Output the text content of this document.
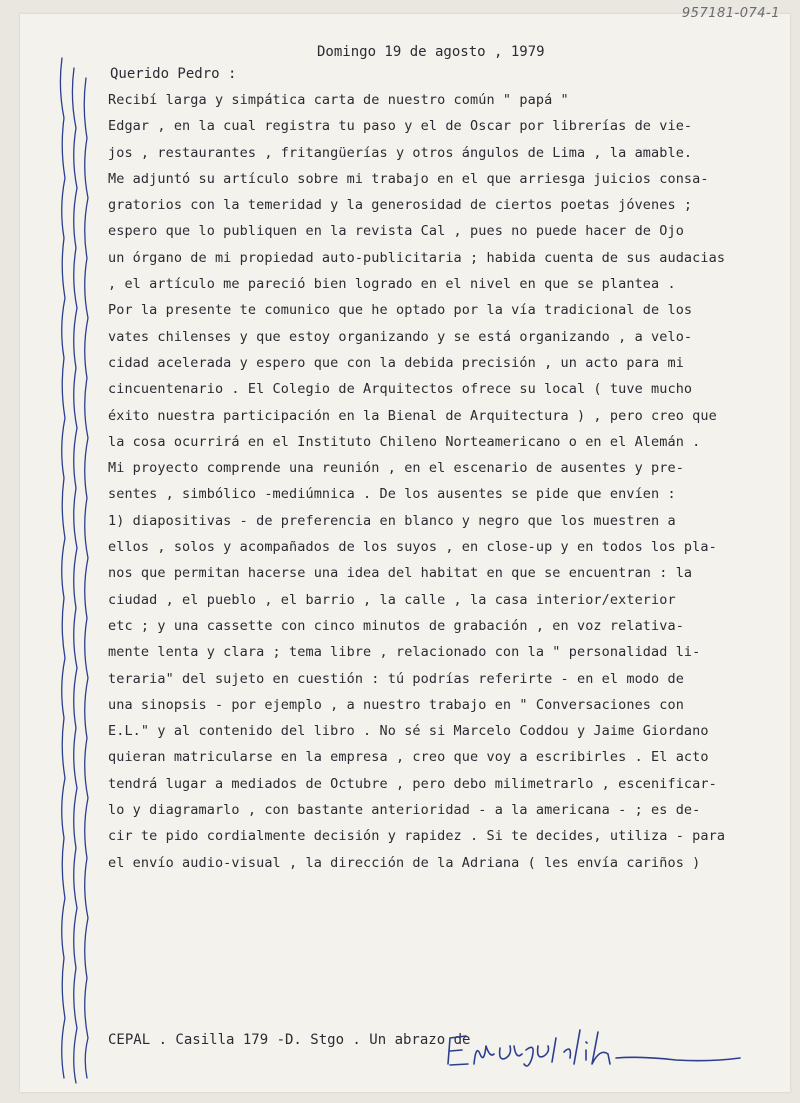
957181-074-1
Domingo 19 de agosto , 1979
Querido Pedro :
Recibí larga y simpática carta de nuestro común " papá "
Edgar , en la cual registra tu paso y el de Oscar por librerías de vie-
jos , restaurantes , fritangüerías y otros ángulos de Lima , la amable.
Me adjuntó su artículo sobre mi trabajo en el que arriesga juicios consa-
gratorios con la temeridad y la generosidad de ciertos poetas jóvenes ;
espero que lo publiquen en la revista Cal , pues no puede hacer de Ojo
un órgano de mi propiedad auto-publicitaria ; habida cuenta de sus audacias
, el artículo me pareció bien logrado en el nivel en que se plantea .
Por la presente te comunico que he optado por la vía tradicional de los
vates chilenses y que estoy organizando y se está organizando , a velo-
cidad acelerada y espero que con la debida precisión , un acto para mi
cincuentenario . El Colegio de Arquitectos ofrece su local ( tuve mucho
éxito nuestra participación en la Bienal de Arquitectura ) , pero creo que
la cosa ocurrirá en el Instituto Chileno Norteamericano o en el Alemán .
Mi proyecto comprende una reunión , en el escenario de ausentes y pre-
sentes , simbólico -mediúmnica . De los ausentes se pide que envíen :
1) diapositivas - de preferencia en blanco y negro que los muestren a
ellos , solos y acompañados de los suyos , en close-up y en todos los pla-
nos que permitan hacerse una idea del habitat en que se encuentran : la
ciudad , el pueblo , el barrio , la calle , la casa interior/exterior
etc ; y una cassette con cinco minutos de grabación , en voz relativa-
mente lenta y clara ; tema libre , relacionado con la " personalidad li-
teraria" del sujeto en cuestión : tú podrías referirte - en el modo de
una sinopsis - por ejemplo , a nuestro trabajo en " Conversaciones con
E.L." y al contenido del libro . No sé si Marcelo Coddou y Jaime Giordano
quieran matricularse en la empresa , creo que voy a escribirles . El acto
tendrá lugar a mediados de Octubre , pero debo milimetrarlo , escenificar-
lo y diagramarlo , con bastante anterioridad - a la americana - ; es de-
cir te pido cordialmente decisión y rapidez . Si te decides, utiliza - para
el envío audio-visual , la dirección de la Adriana ( les envía cariños )
CEPAL . Casilla 179 -D. Stgo . Un abrazo de
